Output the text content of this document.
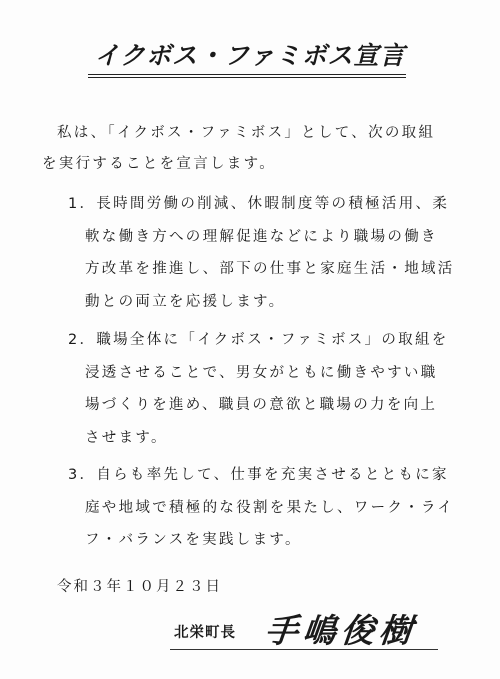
イクボス・ファミボス宣言
私は、「イクボス・ファミボス」として、次の取組
を実行することを宣言します。
1．長時間労働の削減、休暇制度等の積極活用、柔
軟な働き方への理解促進などにより職場の働き
方改革を推進し、部下の仕事と家庭生活・地域活
動との両立を応援します。
2．職場全体に「イクボス・ファミボス」の取組を
浸透させることで、男女がともに働きやすい職
場づくりを進め、職員の意欲と職場の力を向上
させます。
3．自らも率先して、仕事を充実させるとともに家
庭や地域で積極的な役割を果たし、ワーク・ライ
フ・バランスを実践します。
令和３年１０月２３日
北栄町長 手嶋俊樹
